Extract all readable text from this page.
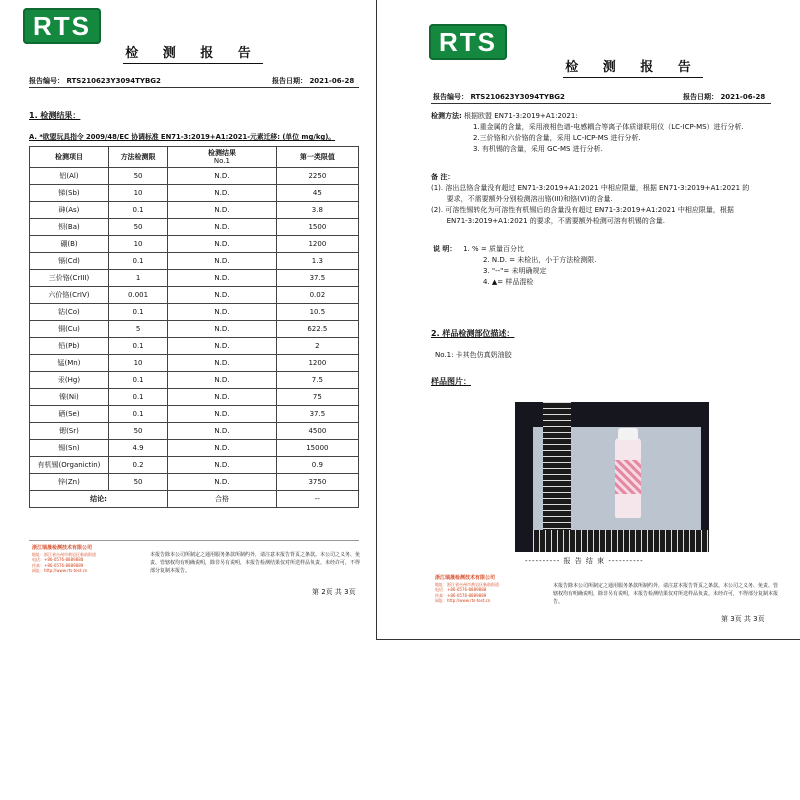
RTS
检 测 报 告
报告编号： RTS210623Y3094TYBG2	报告日期： 2021-06-28
1. 检测结果：
A. *欧盟玩具指令 2009/48/EC 协调标准 EN71-3:2019+A1:2021-元素迁移: (单位 mg/kg)。
检测项目	方法检测限	检测结果
No.1	第一类限值
铝(Al)	50	N.D.	2250
锑(Sb)	10	N.D.	45
砷(As)	0.1	N.D.	3.8
钡(Ba)	50	N.D.	1500
硼(B)	10	N.D.	1200
镉(Cd)	0.1	N.D.	1.3
三价铬(CrIII)	1	N.D.	37.5
六价铬(CrIV)	0.001	N.D.	0.02
钴(Co)	0.1	N.D.	10.5
铜(Cu)	5	N.D.	622.5
铅(Pb)	0.1	N.D.	2
锰(Mn)	10	N.D.	1200
汞(Hg)	0.1	N.D.	7.5
镍(Ni)	0.1	N.D.	75
硒(Se)	0.1	N.D.	37.5
锶(Sr)	50	N.D.	4500
锡(Sn)	4.9	N.D.	15000
有机锡(Organictin)	0.2	N.D.	0.9
锌(Zn)	50	N.D.	3750
结论:		合格	--
浙江瑞晟检测技术有限公司
地址：浙江省台州市黄岩区新前街道
电话：+86-0576-8889888
传真：+86-0576-8889889
网址：http://www.rts-test.cn
本报告除本公司所制定之通用服务条款所制约外，请注意本报告背页之条款。本公司之义务、免责、管辖权均有明确说明，除非另有说明，本报告检测结果仅对所送样品负责。未经许可，不得部分复制本报告。
第 2页 共 3页
RTS
检 测 报 告
报告编号： RTS210623Y3094TYBG2	报告日期： 2021-06-28

检测方法: 根据欧盟 EN71-3:2019+A1:2021:

1.重金属的含量，采用液相色谱-电感耦合等离子体质谱联用仪（LC-ICP-MS）进行分析.

2.三价铬和六价铬的含量，采用 LC-ICP-MS 进行分析.

3. 有机锡的含量，采用 GC-MS 进行分析.

备 注：

(1). 溶出总铬含量没有超过 EN71-3:2019+A1:2021 中相应限量，根据 EN71-3:2019+A1:2021 的

要求，不需要额外分别检测溶出铬(III)和铬(VI)的含量.

(2). 可溶性锡转化为可溶性有机锡后的含量没有超过 EN71-3:2019+A1:2021 中相应限量，根据

EN71-3:2019+A1:2021 的要求，不需要额外检测可溶有机锡的含量.

说 明： 1. % = 质量百分比

2. N.D. = 未检出，小于方法检测限.

3. "--"= 未明确规定

4. ▲= 样品混检

2. 样品检测部位描述：
No.1: 卡其色仿真奶油胶
样品图片：
---------- 报 告 结 束 ----------
浙江瑞晟检测技术有限公司
地址：浙江省台州市黄岩区新前街道
电话：+86-0576-8889888
传真：+86-0576-8889889
网址：http://www.rts-test.cn
本报告除本公司所制定之通用服务条款所制约外，请注意本报告背页之条款。本公司之义务、免责、管辖权均有明确说明，除非另有说明，本报告检测结果仅对所送样品负责。未经许可，不得部分复制本报告。
第 3页 共 3页
